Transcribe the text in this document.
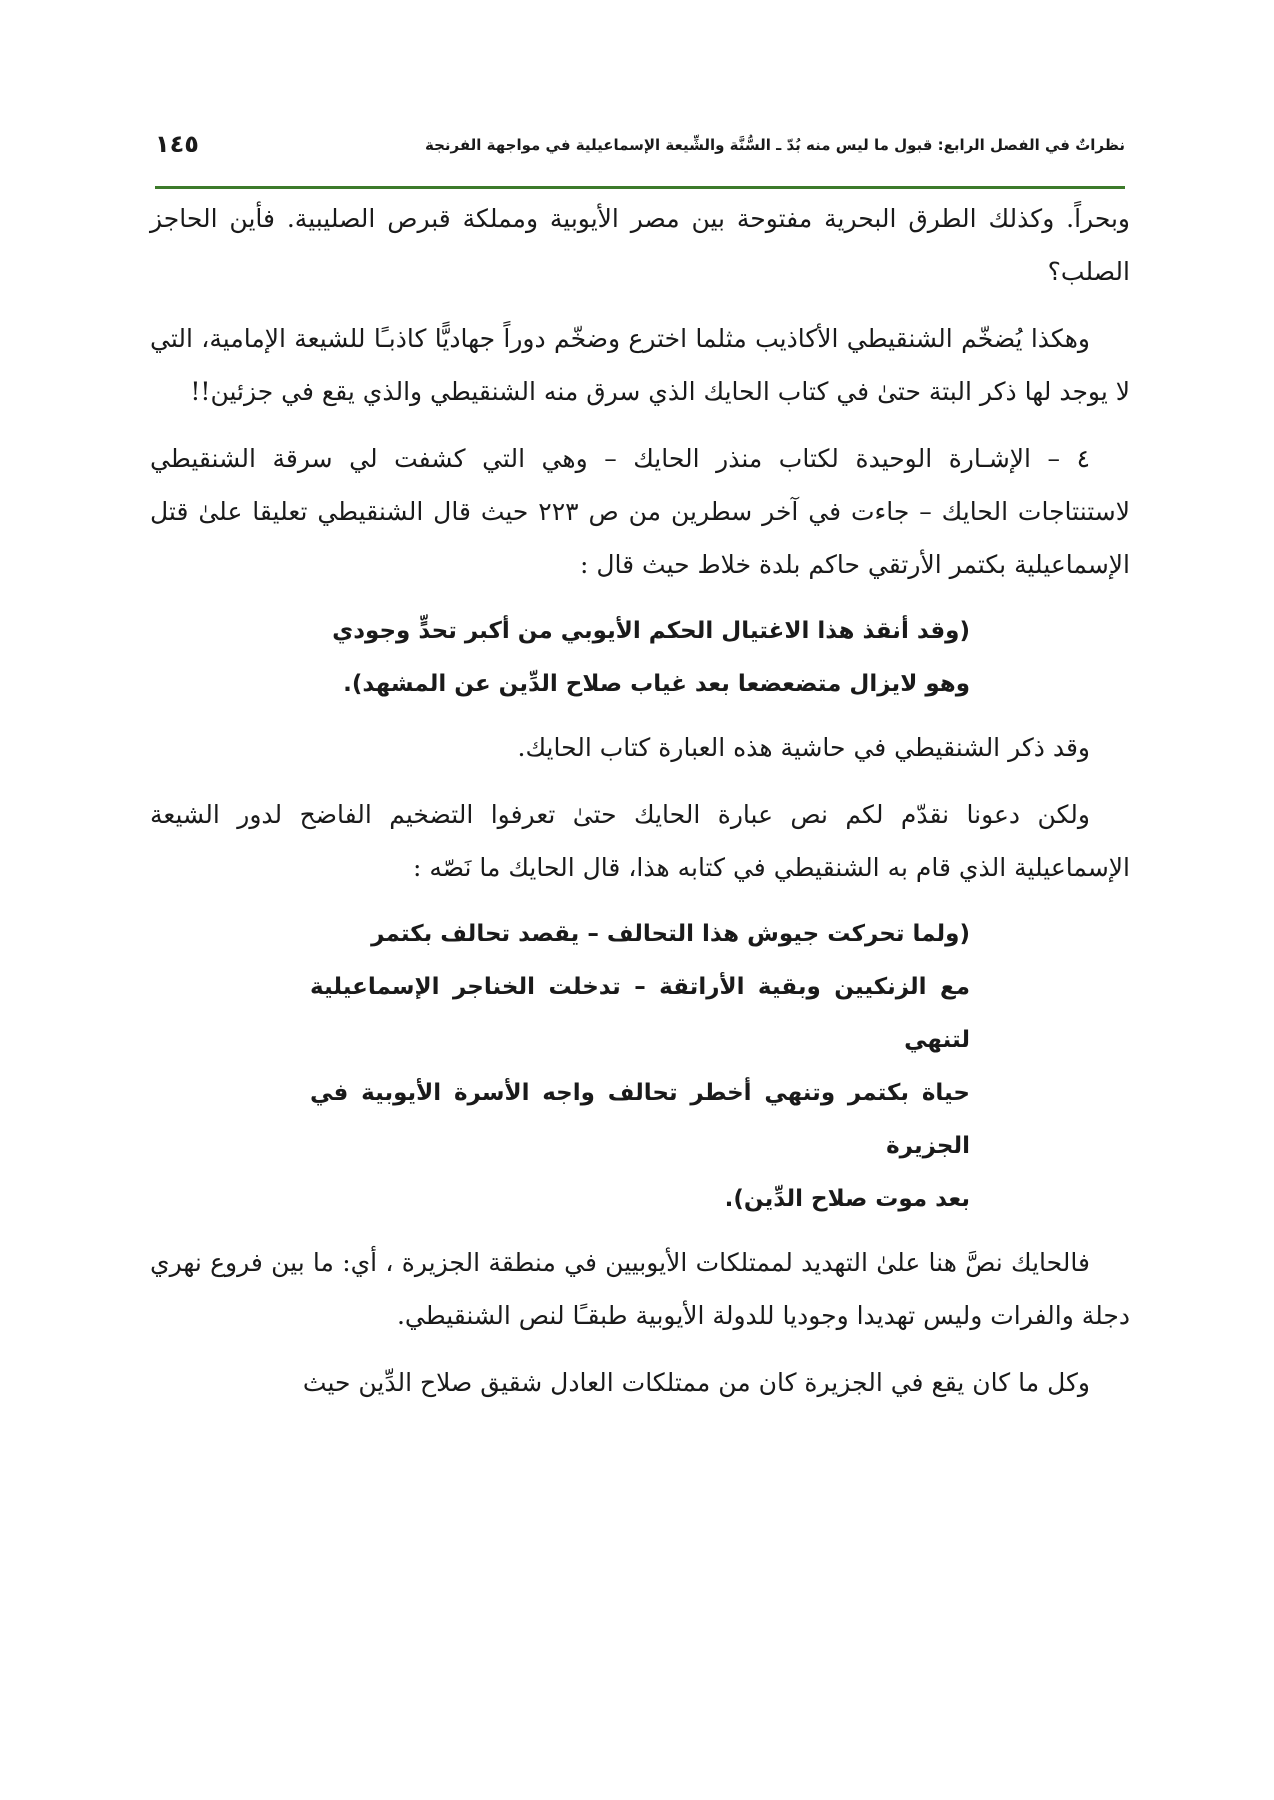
نظراتٌ في الفصل الرابع: قبول ما ليس منه بُدّ ـ السُّنَّة والشِّيعة الإسماعيلية في مواجهة الفرنجة
١٤٥

وبحراً. وكذلك الطرق البحرية مفتوحة بين مصر الأيوبية ومملكة قبرص الصليبية. فأين الحاجز الصلب؟

وهكذا يُضخّم الشنقيطي الأكاذيب مثلما اخترع وضخّم دوراً جهاديًّا كاذبـًا للشيعة الإمامية، التي لا يوجد لها ذكر البتة حتىٰ في كتاب الحايك الذي سرق منه الشنقيطي والذي يقع في جزئين!!

٤ – الإشـارة الوحيدة لكتاب منذر الحايك – وهي التي كشفت لي سرقة الشنقيطي لاستنتاجات الحايك – جاءت في آخر سطرين من ص ٢٢٣ حيث قال الشنقيطي تعليقا علىٰ قتل الإسماعيلية بكتمر الأرتقي حاكم بلدة خلاط حيث قال :

(وقد أنقذ هذا الاغتيال الحكم الأيوبي من أكبر تحدٍّ وجودي
وهو لايزال متضعضعا بعد غياب صلاح الدِّين عن المشهد).

وقد ذكر الشنقيطي في حاشية هذه العبارة كتاب الحايك.

ولكن دعونا نقدّم لكم نص عبارة الحايك حتىٰ تعرفوا التضخيم الفاضح لدور الشيعة الإسماعيلية الذي قام به الشنقيطي في كتابه هذا، قال الحايك ما نَصّه :

(ولما تحركت جيوش هذا التحالف – يقصد تحالف بكتمر
مع الزنكيين وبقية الأراتقة – تدخلت الخناجر الإسماعيلية لتنهي
حياة بكتمر وتنهي أخطر تحالف واجه الأسرة الأيوبية في الجزيرة
بعد موت صلاح الدِّين).

فالحايك نصَّ هنا علىٰ التهديد لممتلكات الأيوبيين في منطقة الجزيرة ، أي: ما بين فروع نهري دجلة والفرات وليس تهديدا وجوديا للدولة الأيوبية طبقـًا لنص الشنقيطي.

وكل ما كان يقع في الجزيرة كان من ممتلكات العادل شقيق صلاح الدِّين حيث
